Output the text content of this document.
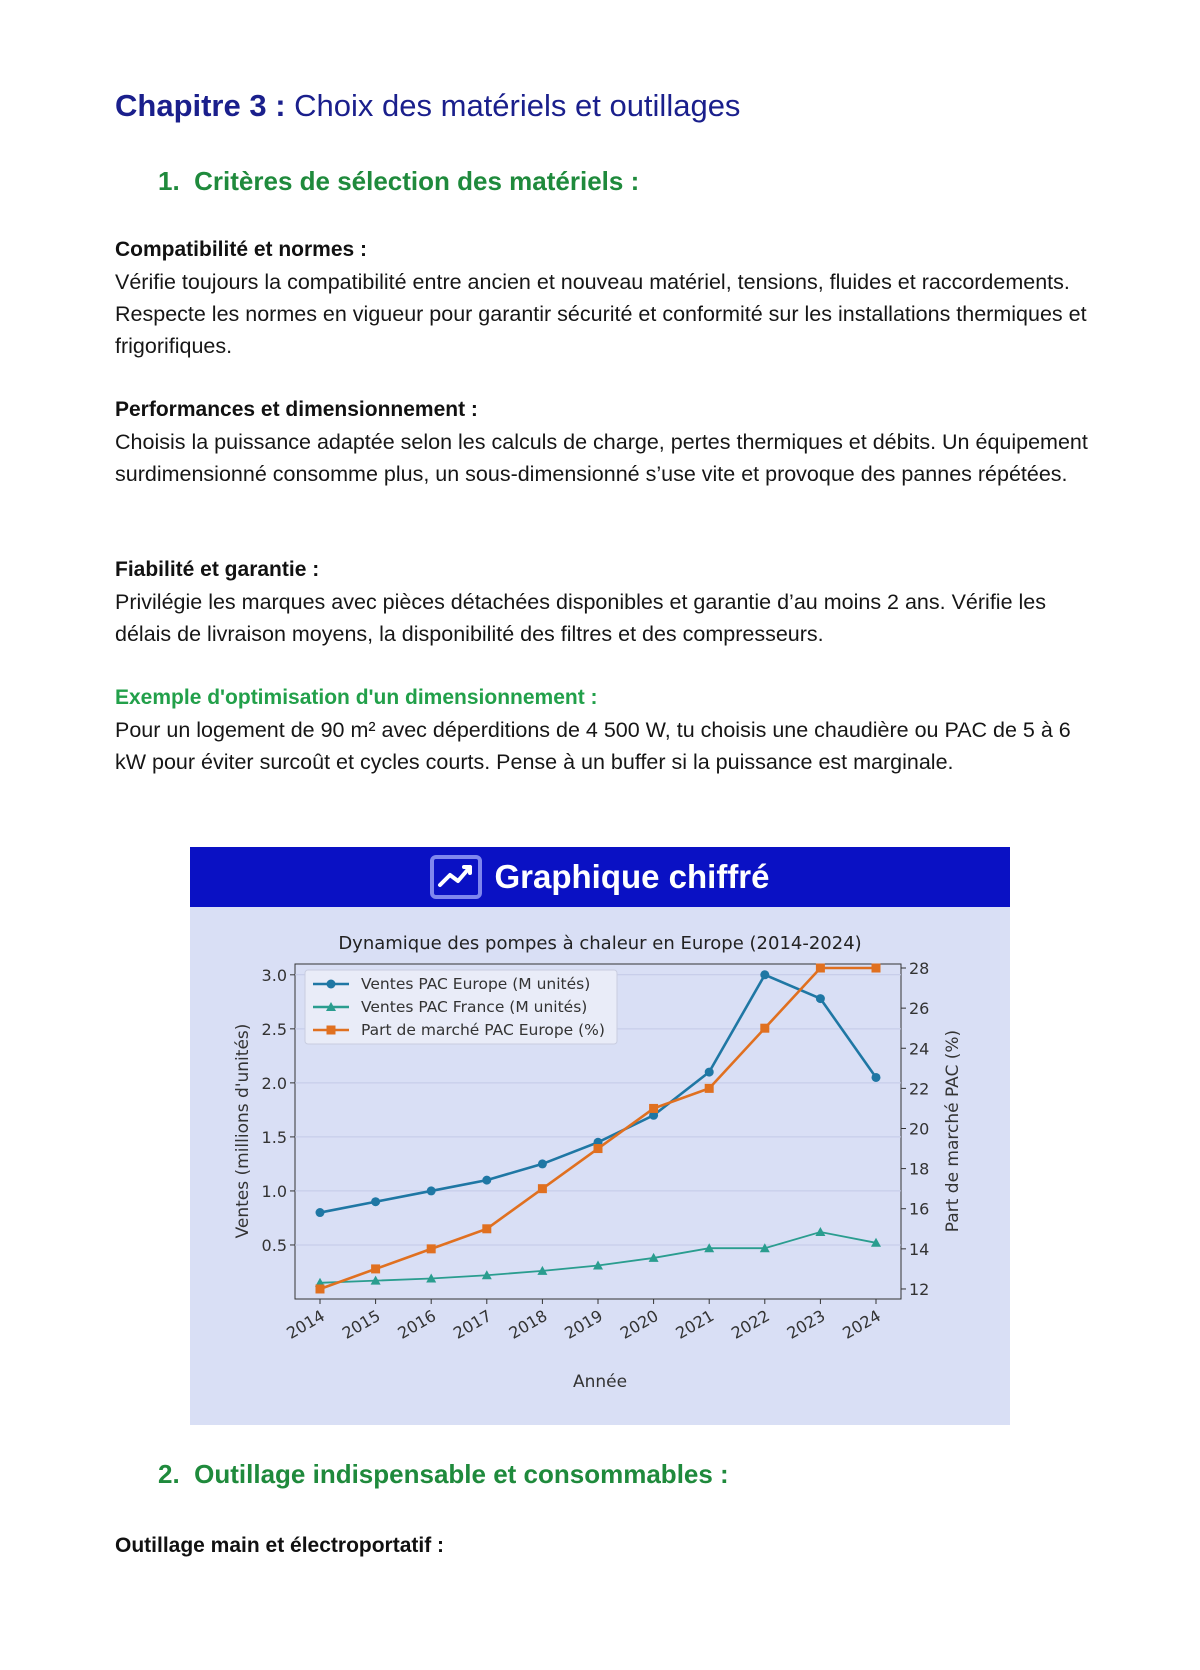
Chapitre 3 : Choix des matériels et outillages
1. Critères de sélection des matériels :
Compatibilité et normes :

Vérifie toujours la compatibilité entre ancien et nouveau matériel, tensions, fluides et raccordements. Respecte les normes en vigueur pour garantir sécurité et conformité sur les installations thermiques et frigorifiques.

Performances et dimensionnement :

Choisis la puissance adaptée selon les calculs de charge, pertes thermiques et débits. Un équipement surdimensionné consomme plus, un sous-dimensionné s’use vite et provoque des pannes répétées.

Fiabilité et garantie :

Privilégie les marques avec pièces détachées disponibles et garantie d’au moins 2 ans. Vérifie les délais de livraison moyens, la disponibilité des filtres et des compresseurs.

Exemple d'optimisation d'un dimensionnement :

Pour un logement de 90 m² avec déperditions de 4 500 W, tu choisis une chaudière ou PAC de 5 à 6 kW pour éviter surcoût et cycles courts. Pense à un buffer si la puissance est marginale.

Graphique chiffré
Dynamique des pompes à chaleur en Europe (2014-2024)
0.5
1.0
1.5
2.0
2.5
3.0
12
14
16
18
20
22
24
26
28
2014 2015 2016 2017 2018 2019 2020 2021 2022 2023 2024
Ventes PAC Europe (M unités)
Ventes PAC France (M unités)
Part de marché PAC Europe (%)
Année
Ventes (millions d'unités)	Part de marché PAC (%)
2. Outillage indispensable et consommables :
Outillage main et électroportatif :
